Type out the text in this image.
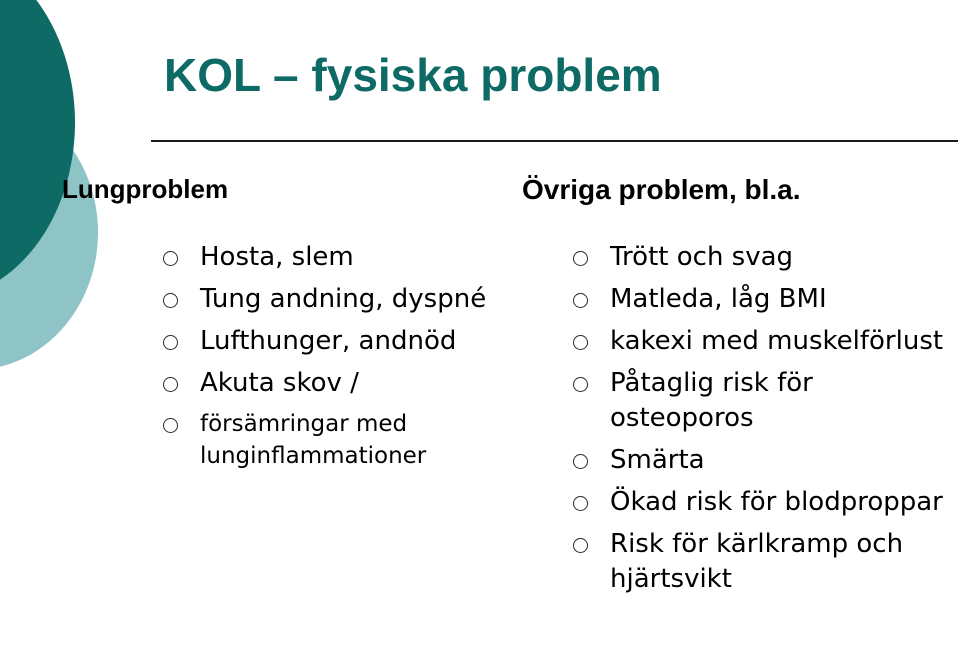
KOL – fysiska problem
Lungproblem	Övriga problem, bl.a.
Hosta, slem
Tung andning, dyspné
Lufthunger, andnöd
Akuta skov /
försämringar med lunginflammationer
Trött och svag
Matleda, låg BMI
kakexi med muskelförlust
Påtaglig risk för osteoporos
Smärta
Ökad risk för blodproppar
Risk för kärlkramp och hjärtsvikt
